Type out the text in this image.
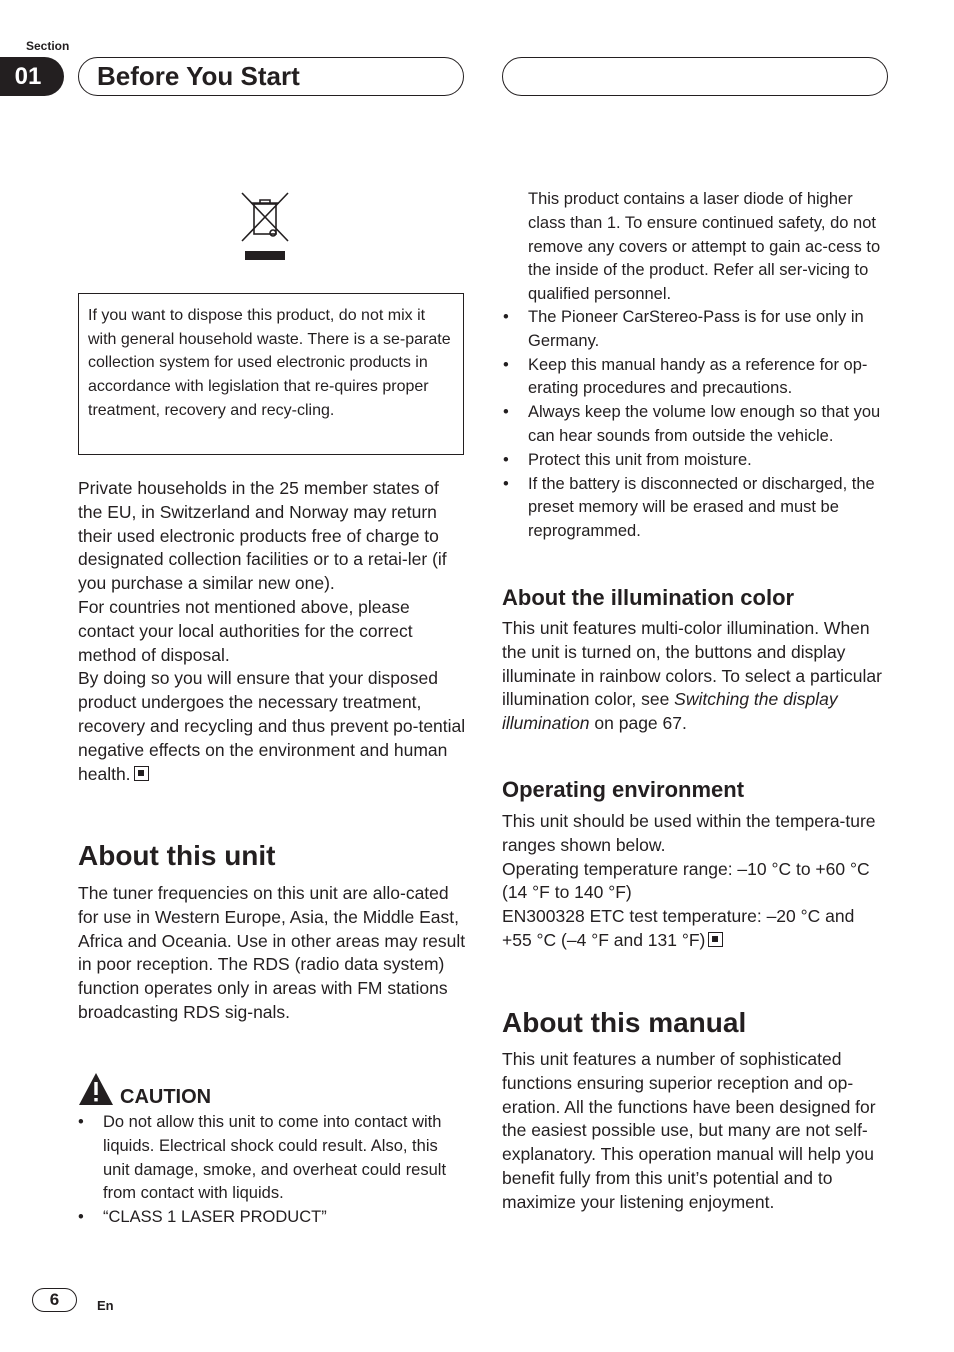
Section
01	Before You Start
If you want to dispose this product, do not mix it with general household waste. There is a se-parate collection system for used electronic products in accordance with legislation that re-quires proper treatment, recovery and recy-cling.

Private households in the 25 member states of the EU, in Switzerland and Norway may return their used electronic products free of charge to designated collection facilities or to a retai-ler (if you purchase a similar new one).

For countries not mentioned above, please contact your local authorities for the correct method of disposal.

By doing so you will ensure that your disposed product undergoes the necessary treatment, recovery and recycling and thus prevent po-tential negative effects on the environment and human health.

About this unit

The tuner frequencies on this unit are allo-cated for use in Western Europe, Asia, the Middle East, Africa and Oceania. Use in other areas may result in poor reception. The RDS (radio data system) function operates only in areas with FM stations broadcasting RDS sig-nals.

CAUTION
• Do not allow this unit to come into contact with liquids. Electrical shock could result. Also, this unit damage, smoke, and overheat could result from contact with liquids.
• “CLASS 1 LASER PRODUCT”

This product contains a laser diode of higher class than 1. To ensure continued safety, do not remove any covers or attempt to gain ac-cess to the inside of the product. Refer all ser-vicing to qualified personnel.

• The Pioneer CarStereo-Pass is for use only in Germany.
• Keep this manual handy as a reference for op-erating procedures and precautions.
• Always keep the volume low enough so that you can hear sounds from outside the vehicle.
• Protect this unit from moisture.
• If the battery is disconnected or discharged, the preset memory will be erased and must be reprogrammed.
About the illumination color

This unit features multi-color illumination. When the unit is turned on, the buttons and display illuminate in rainbow colors. To select a particular illumination color, see Switching the display illumination on page 67.

Operating environment

This unit should be used within the tempera-ture ranges shown below.

Operating temperature range: –10 °C to +60 °C (14 °F to 140 °F)

EN300328 ETC test temperature: –20 °C and +55 °C (–4 °F and 131 °F)

About this manual

This unit features a number of sophisticated functions ensuring superior reception and op-eration. All the functions have been designed for the easiest possible use, but many are not self-explanatory. This operation manual will help you benefit fully from this unit’s potential and to maximize your listening enjoyment.

6	En
